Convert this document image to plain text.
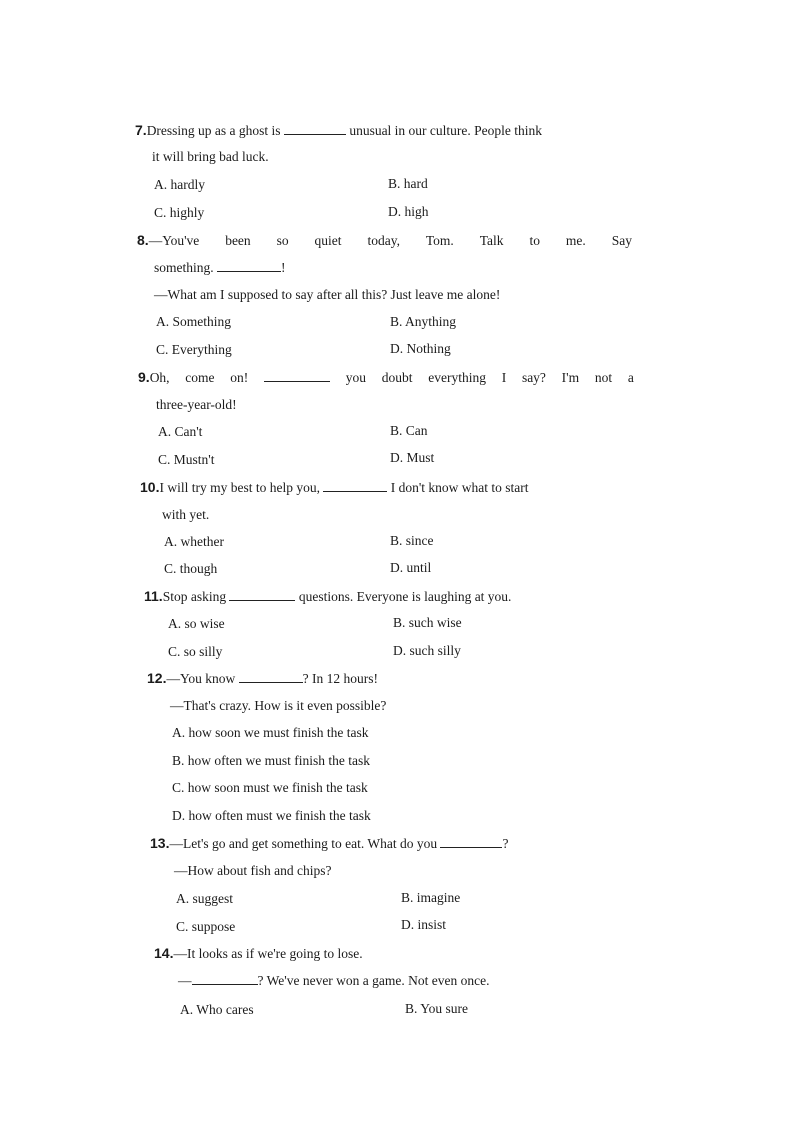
7.Dressing up as a ghost is	unusual in our culture. People think
it will bring bad luck.
A. hardly	B. hard
C. highly	D. high
8.—You've been so quiet today, Tom. Talk to me. Say
something.	!
—What am I supposed to say after all this? Just leave me alone!
A. Something	B. Anything
C. Everything	D. Nothing
9.Oh, come on!	you doubt everything I say? I'm not a
three-year-old!
A. Can't	B. Can
C. Mustn't	D. Must
10.I will try my best to help you,	I don't know what to start
with yet.
A. whether	B. since
C. though	D. until
11.Stop asking	questions. Everyone is laughing at you.
A. so wise	B. such wise
C. so silly	D. such silly
12.—You know	? In 12 hours!
—That's crazy. How is it even possible?
A. how soon we must finish the task
B. how often we must finish the task
C. how soon must we finish the task
D. how often must we finish the task
13.—Let's go and get something to eat. What do you	?
—How about fish and chips?
A. suggest	B. imagine
C. suppose	D. insist
14.—It looks as if we're going to lose.
—	? We've never won a game. Not even once.
A. Who cares	B. You sure
